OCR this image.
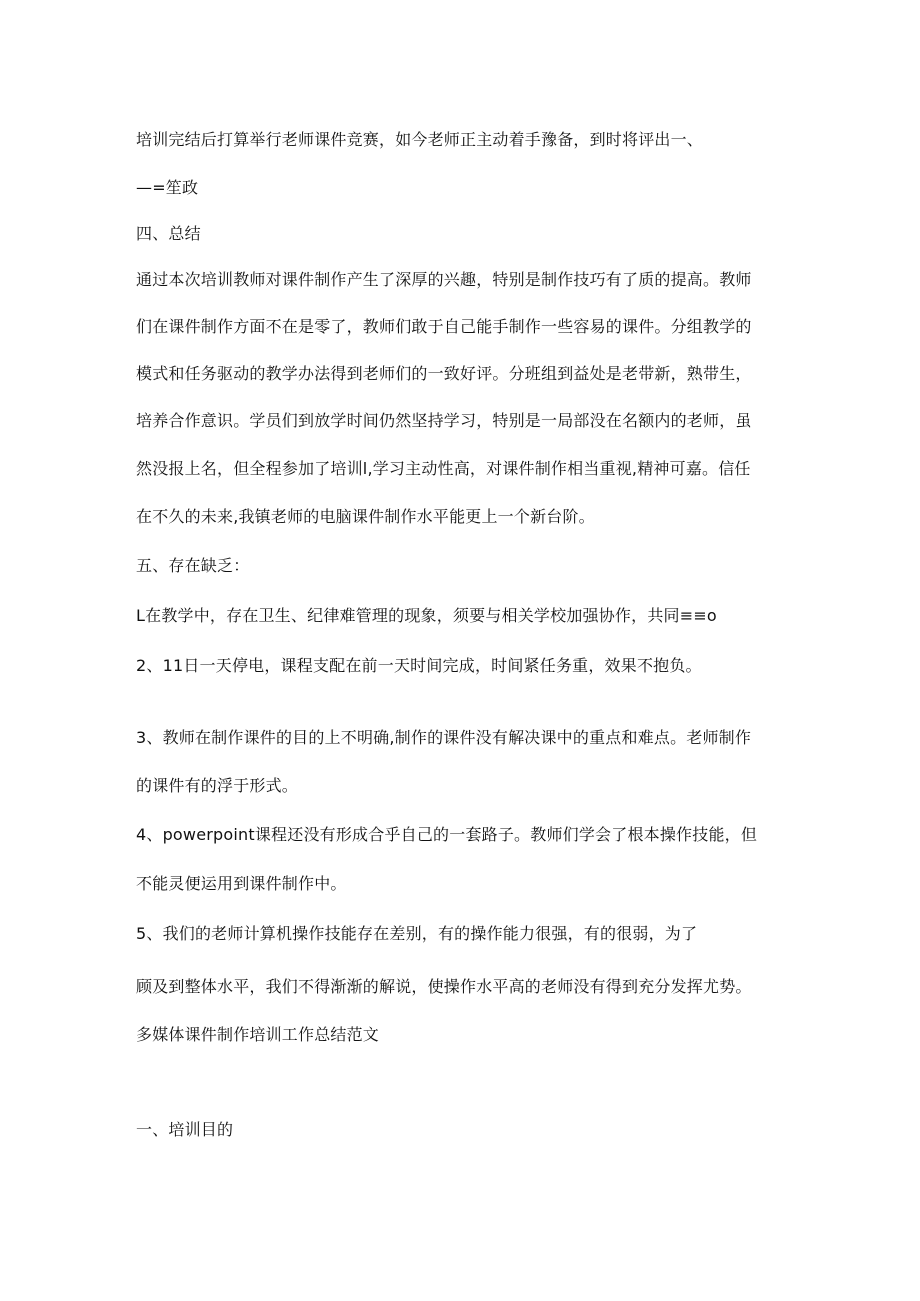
培训完结后打算举行老师课件竞赛，如今老师正主动着手豫备，到时将评出一、
—=笙政
四、总结
通过本次培训教师对课件制作产生了深厚的兴趣，特别是制作技巧有了质的提高。教师
们在课件制作方面不在是零了，教师们敢于自己能手制作一些容易的课件。分组教学的
模式和任务驱动的教学办法得到老师们的一致好评。分班组到益处是老带新，熟带生，
培养合作意识。学员们到放学时间仍然坚持学习，特别是一局部没在名额内的老师，虽
然没报上名，但全程参加了培训l,学习主动性高，对课件制作相当重视,精神可嘉。信任
在不久的未来,我镇老师的电脑课件制作水平能更上一个新台阶。
五、存在缺乏：
L在教学中，存在卫生、纪律难管理的现象，须要与相关学校加强协作，共同≡≡o
2、11日一天停电，课程支配在前一天时间完成，时间紧任务重，效果不抱负。
3、教师在制作课件的目的上不明确,制作的课件没有解决课中的重点和难点。老师制作
的课件有的浮于形式。
4、powerpoint课程还没有形成合乎自己的一套路子。教师们学会了根本操作技能，但
不能灵便运用到课件制作中。
5、我们的老师计算机操作技能存在差别，有的操作能力很强，有的很弱，为了
顾及到整体水平，我们不得渐渐的解说，使操作水平高的老师没有得到充分发挥尤势。
多媒体课件制作培训工作总结范文
一、培训目的
